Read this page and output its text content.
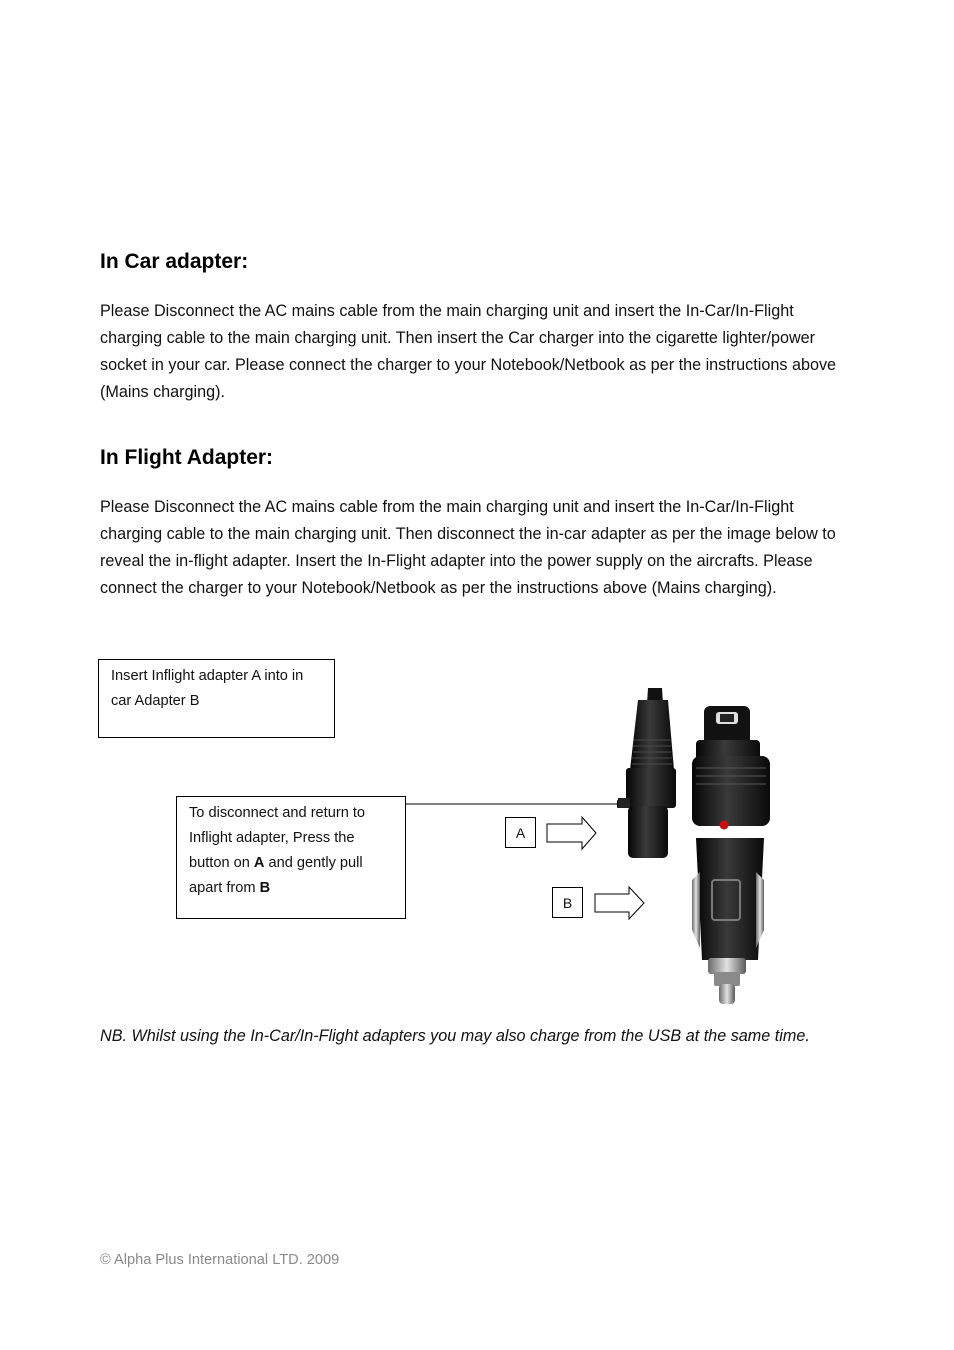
In Car adapter:

Please Disconnect the AC mains cable from the main charging unit and insert the In-Car/In-Flight charging cable to the main charging unit. Then insert the Car charger into the cigarette lighter/power socket in your car. Please connect the charger to your Notebook/Netbook as per the instructions above (Mains charging).

In Flight Adapter:

Please Disconnect the AC mains cable from the main charging unit and insert the In-Car/In-Flight charging cable to the main charging unit. Then disconnect the in-car adapter as per the image below to reveal the in-flight adapter. Insert the In-Flight adapter into the power supply on the aircrafts. Please connect the charger to your Notebook/Netbook as per the instructions above (Mains charging).

Insert Inflight adapter A into in car Adapter B
To disconnect and return to Inflight adapter, Press the button on A and gently pull apart from B
A
B

NB. Whilst using the In-Car/In-Flight adapters you may also charge from the USB at the same time.

© Alpha Plus International LTD. 2009
